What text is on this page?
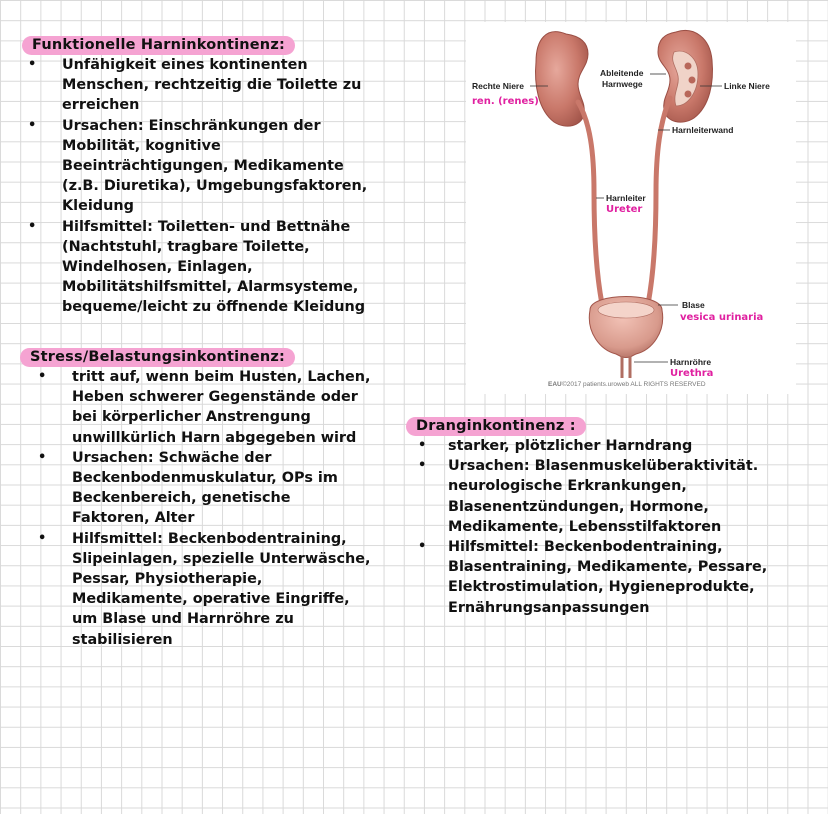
Funktionelle Harninkontinenz:
• Unfähigkeit eines kontinenten
Menschen, rechtzeitig die Toilette zu
erreichen
• Ursachen: Einschränkungen der
Mobilität, kognitive
Beeinträchtigungen, Medikamente
(z.B. Diuretika), Umgebungsfaktoren,
Kleidung
• Hilfsmittel: Toiletten- und Bettnähe
(Nachtstuhl, tragbare Toilette,
Windelhosen, Einlagen,
Mobilitätshilfsmittel, Alarmsysteme,
bequeme/leicht zu öffnende Kleidung
Stress/Belastungsinkontinenz:
• tritt auf, wenn beim Husten, Lachen,
Heben schwerer Gegenstände oder
bei körperlicher Anstrengung
unwillkürlich Harn abgegeben wird
• Ursachen: Schwäche der
Beckenbodenmuskulatur, OPs im
Beckenbereich, genetische
Faktoren, Alter
• Hilfsmittel: Beckenbodentraining,
Slipeinlagen, spezielle Unterwäsche,
Pessar, Physiotherapie,
Medikamente, operative Eingriffe,
um Blase und Harnröhre zu
stabilisieren
Dranginkontinenz :
• starker, plötzlicher Harndrang
• Ursachen: Blasenmuskelüberaktivität.
neurologische Erkrankungen,
Blasenentzündungen, Hormone,
Medikamente, Lebensstilfaktoren
• Hilfsmittel: Beckenbodentraining,
Blasentraining, Medikamente, Pessare,
Elektrostimulation, Hygieneprodukte,
Ernährungsanpassungen
Rechte Niere
ren. (renes)
Ableitende
Harnwege	Linke Niere
Harnleiterwand
Harnleiter
Ureter
Blase
vesica urinaria
Harnröhre
Urethra
EAU ©2017 patients.uroweb ALL RIGHTS RESERVED
